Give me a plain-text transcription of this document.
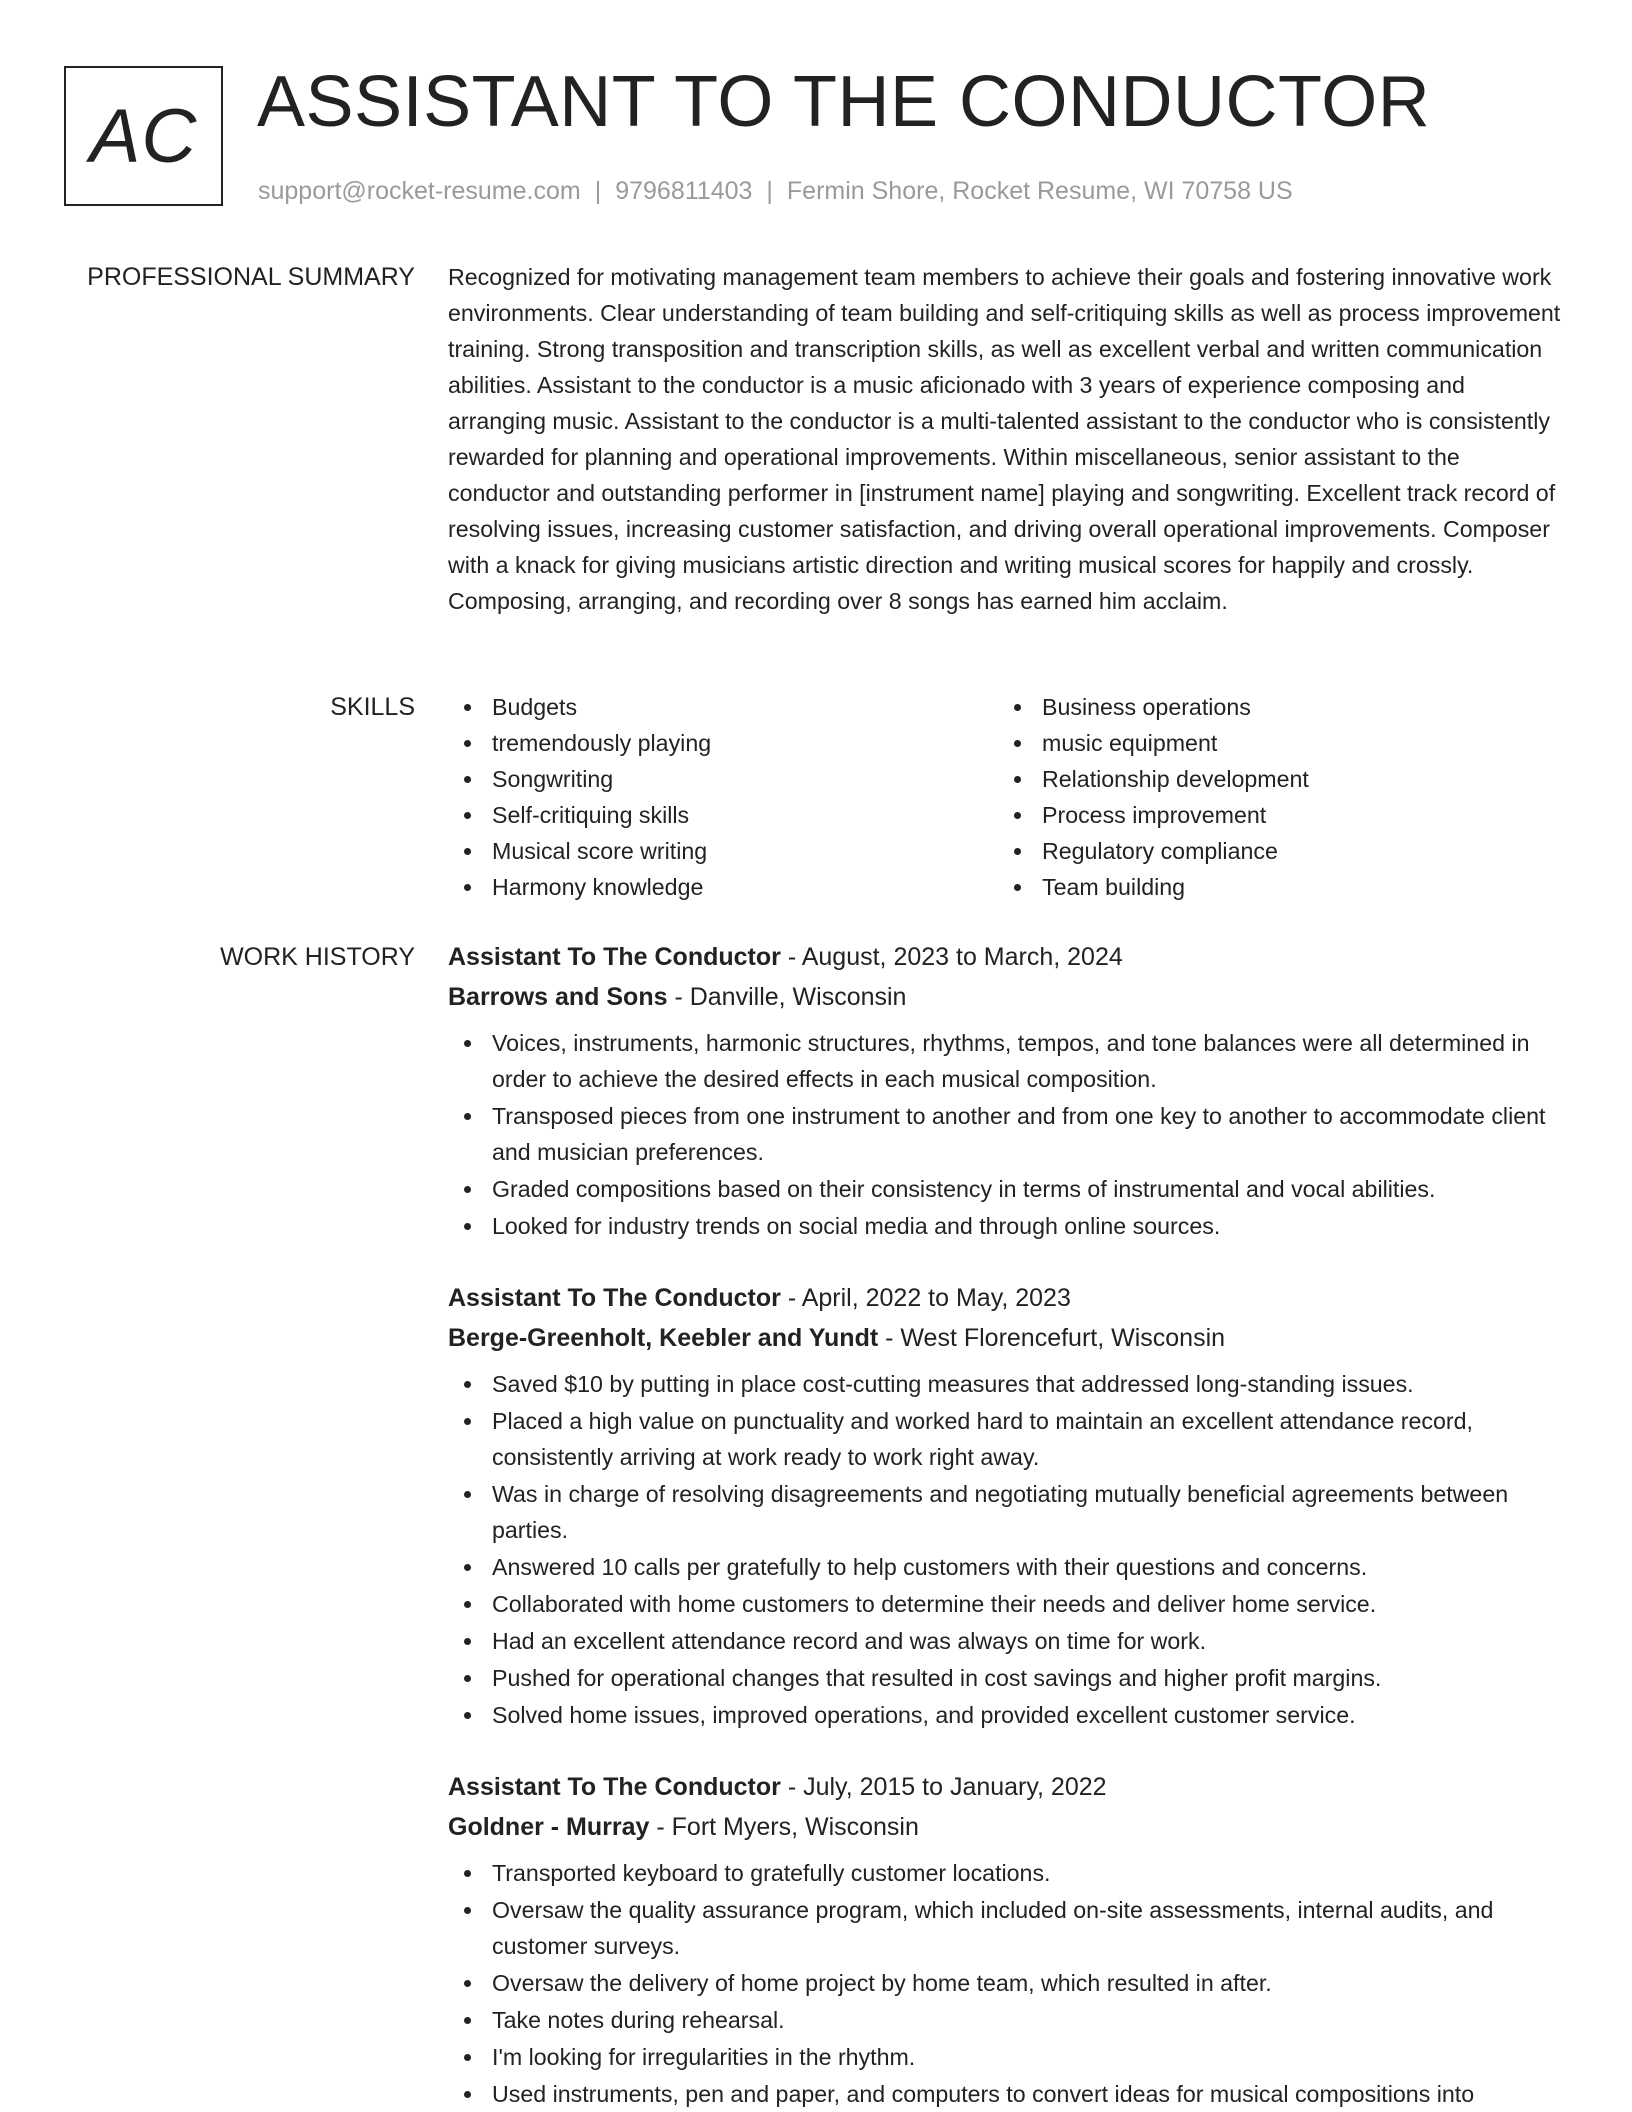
AC ASSISTANT TO THE CONDUCTOR
support@rocket-resume.com | 9796811403 | Fermin Shore, Rocket Resume, WI 70758 US
PROFESSIONAL SUMMARY Recognized for motivating management team members to achieve their goals and fostering innovative work environments. Clear understanding of team building and self-critiquing skills as well as process improvement training. Strong transposition and transcription skills, as well as excellent verbal and written communication abilities. Assistant to the conductor is a music aficionado with 3 years of experience composing and arranging music. Assistant to the conductor is a multi-talented assistant to the conductor who is consistently rewarded for planning and operational improvements. Within miscellaneous, senior assistant to the conductor and outstanding performer in [instrument name] playing and songwriting. Excellent track record of resolving issues, increasing customer satisfaction, and driving overall operational improvements. Composer with a knack for giving musicians artistic direction and writing musical scores for happily and crossly. Composing, arranging, and recording over 8 songs has earned him acclaim.

SKILLS	Budgets
tremendously playing
Songwriting
Self-critiquing skills
Musical score writing
Harmony knowledge
Business operations
music equipment
Relationship development
Process improvement
Regulatory compliance
Team building
WORK HISTORY Assistant To The Conductor - August, 2023 to March, 2024
Barrows and Sons - Danville, Wisconsin
Voices, instruments, harmonic structures, rhythms, tempos, and tone balances were all determined in order to achieve the desired effects in each musical composition.
Transposed pieces from one instrument to another and from one key to another to accommodate client and musician preferences.
Graded compositions based on their consistency in terms of instrumental and vocal abilities.
Looked for industry trends on social media and through online sources.
Assistant To The Conductor - April, 2022 to May, 2023
Berge-Greenholt, Keebler and Yundt - West Florencefurt, Wisconsin
Saved $10 by putting in place cost-cutting measures that addressed long-standing issues.
Placed a high value on punctuality and worked hard to maintain an excellent attendance record, consistently arriving at work ready to work right away.
Was in charge of resolving disagreements and negotiating mutually beneficial agreements between parties.
Answered 10 calls per gratefully to help customers with their questions and concerns.
Collaborated with home customers to determine their needs and deliver home service.
Had an excellent attendance record and was always on time for work.
Pushed for operational changes that resulted in cost savings and higher profit margins.
Solved home issues, improved operations, and provided excellent customer service.
Assistant To The Conductor - July, 2015 to January, 2022
Goldner - Murray - Fort Myers, Wisconsin
Transported keyboard to gratefully customer locations.
Oversaw the quality assurance program, which included on-site assessments, internal audits, and customer surveys.
Oversaw the delivery of home project by home team, which resulted in after.
Take notes during rehearsal.
I'm looking for irregularities in the rhythm.
Used instruments, pen and paper, and computers to convert ideas for musical compositions into
